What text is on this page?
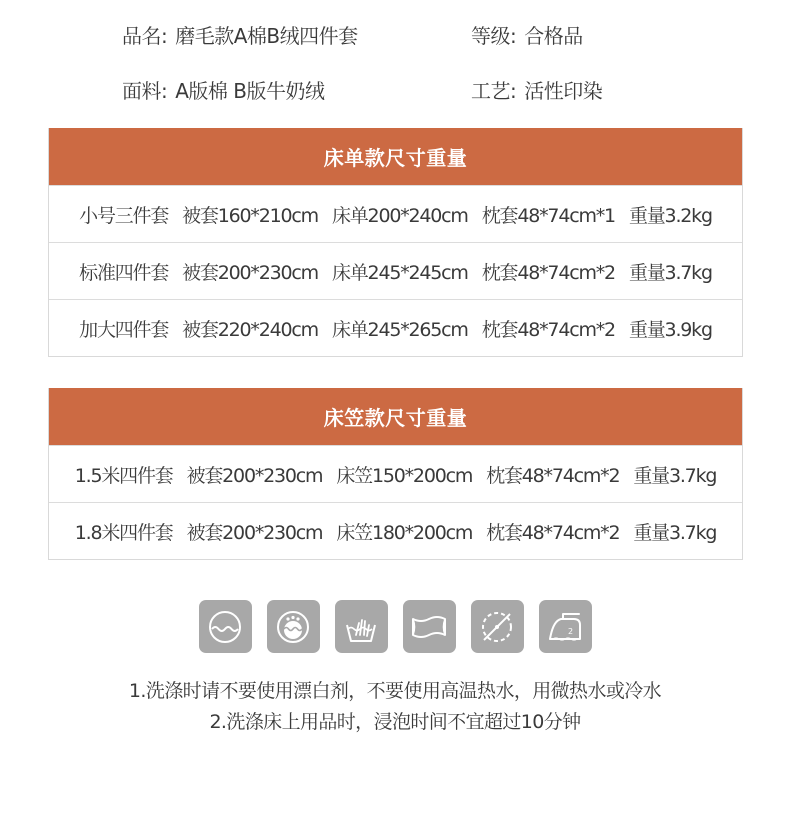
品名: 磨毛款A棉B绒四件套	等级: 合格品
面料: A版棉 B版牛奶绒	工艺: 活性印染
床单款尺寸重量
小号三件套 被套160*210cm 床单200*240cm 枕套48*74cm*1 重量3.2kg
标准四件套 被套200*230cm 床单245*245cm 枕套48*74cm*2 重量3.7kg
加大四件套 被套220*240cm 床单245*265cm 枕套48*74cm*2 重量3.9kg
床笠款尺寸重量
1.5米四件套 被套200*230cm 床笠150*200cm 枕套48*74cm*2 重量3.7kg
1.8米四件套 被套200*230cm 床笠180*200cm 枕套48*74cm*2 重量3.7kg
2
1.洗涤时请不要使用漂白剂，不要使用高温热水，用微热水或冷水
2.洗涤床上用品时，浸泡时间不宜超过10分钟
